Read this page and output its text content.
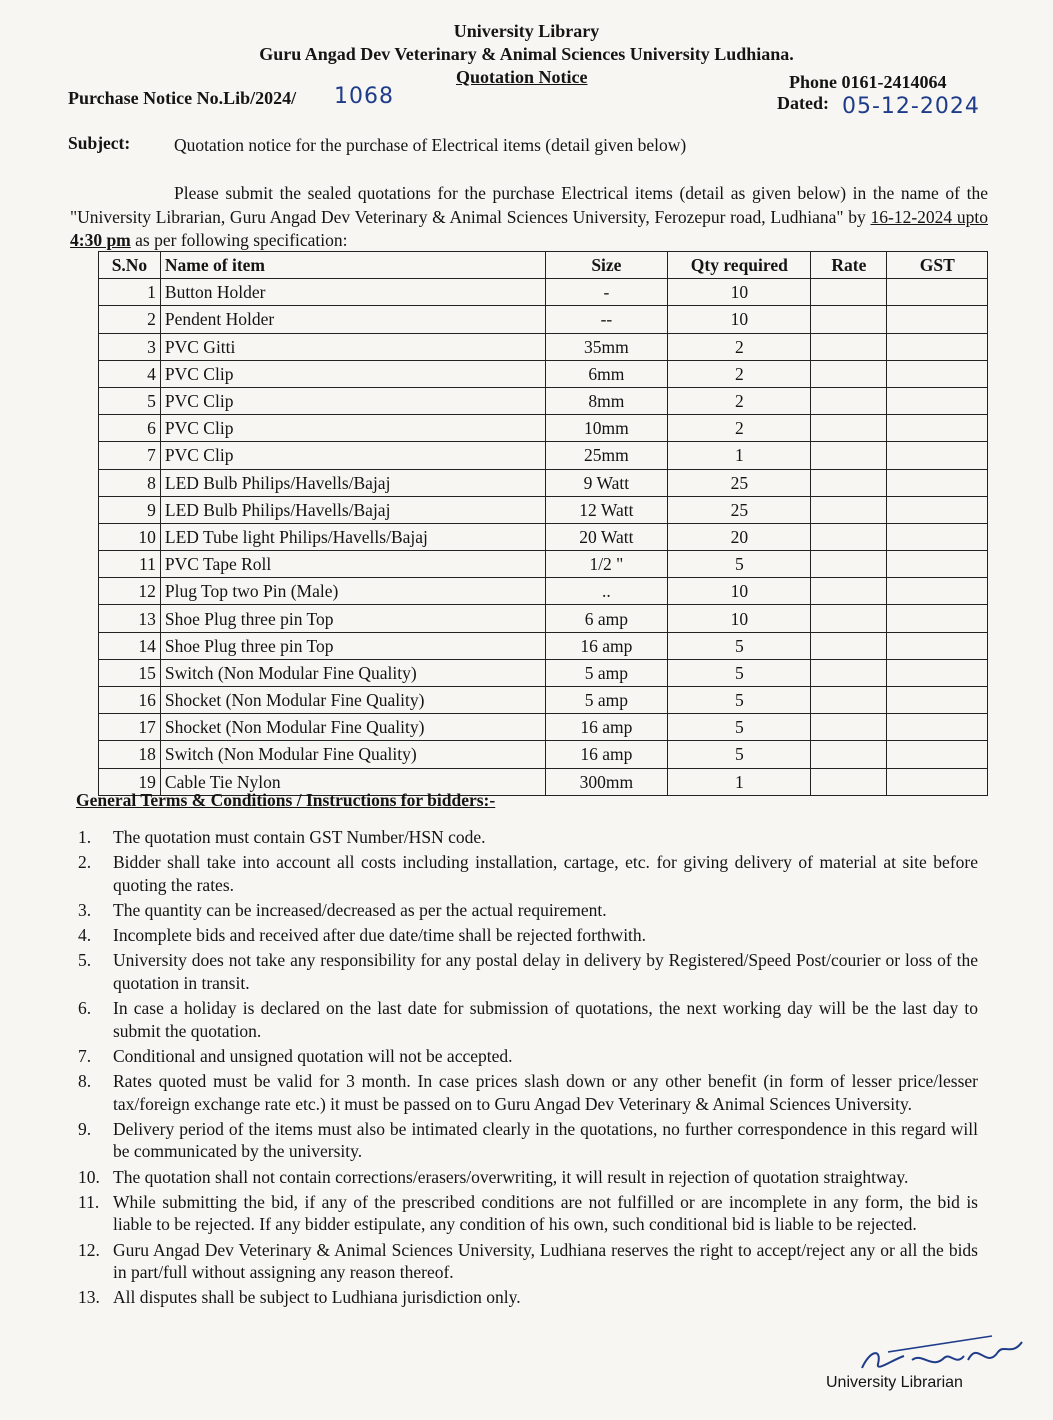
University Library
Guru Angad Dev Veterinary & Animal Sciences University Ludhiana.
Quotation Notice	Phone 0161-2414064
Purchase Notice No.Lib/2024/ 1068	Dated: 05-12-2024
Subject:	Quotation notice for the purchase of Electrical items (detail given below)
Please submit the sealed quotations for the purchase Electrical items (detail as given below) in the name of the "University Librarian, Guru Angad Dev Veterinary & Animal Sciences University, Ferozepur road, Ludhiana" by 16-12-2024 upto 4:30 pm as per following specification:
S.No	Name of item	Size	Qty required	Rate	GST
1	Button Holder	-	10		
2	Pendent Holder	--	10		
3	PVC Gitti	35mm	2		
4	PVC Clip	6mm	2		
5	PVC Clip	8mm	2		
6	PVC Clip	10mm	2		
7	PVC Clip	25mm	1		
8	LED Bulb Philips/Havells/Bajaj	9 Watt	25		
9	LED Bulb Philips/Havells/Bajaj	12 Watt	25		
10	LED Tube light Philips/Havells/Bajaj	20 Watt	20		
11	PVC Tape Roll	1/2 "	5		
12	Plug Top two Pin (Male)	..	10		
13	Shoe Plug three pin Top	6 amp	10		
14	Shoe Plug three pin Top	16 amp	5		
15	Switch (Non Modular Fine Quality)	5 amp	5		
16	Shocket (Non Modular Fine Quality)	5 amp	5		
17	Shocket (Non Modular Fine Quality)	16 amp	5		
18	Switch (Non Modular Fine Quality)	16 amp	5		
19	Cable Tie Nylon	300mm	1		
General Terms & Conditions / Instructions for bidders:-
1.	The quotation must contain GST Number/HSN code.
2.	Bidder shall take into account all costs including installation, cartage, etc. for giving delivery of material at site before quoting the rates.
3.	The quantity can be increased/decreased as per the actual requirement.
4.	Incomplete bids and received after due date/time shall be rejected forthwith.
5.	University does not take any responsibility for any postal delay in delivery by Registered/Speed Post/courier or loss of the quotation in transit.
6.	In case a holiday is declared on the last date for submission of quotations, the next working day will be the last day to submit the quotation.
7.	Conditional and unsigned quotation will not be accepted.
8.	Rates quoted must be valid for 3 month. In case prices slash down or any other benefit (in form of lesser price/lesser tax/foreign exchange rate etc.) it must be passed on to Guru Angad Dev Veterinary & Animal Sciences University.
9.	Delivery period of the items must also be intimated clearly in the quotations, no further correspondence in this regard will be communicated by the university.
10. The quotation shall not contain corrections/erasers/overwriting, it will result in rejection of quotation straightway.
11. While submitting the bid, if any of the prescribed conditions are not fulfilled or are incomplete in any form, the bid is liable to be rejected. If any bidder estipulate, any condition of his own, such conditional bid is liable to be rejected.
12. Guru Angad Dev Veterinary & Animal Sciences University, Ludhiana reserves the right to accept/reject any or all the bids in part/full without assigning any reason thereof.
13. All disputes shall be subject to Ludhiana jurisdiction only.
University Librarian
